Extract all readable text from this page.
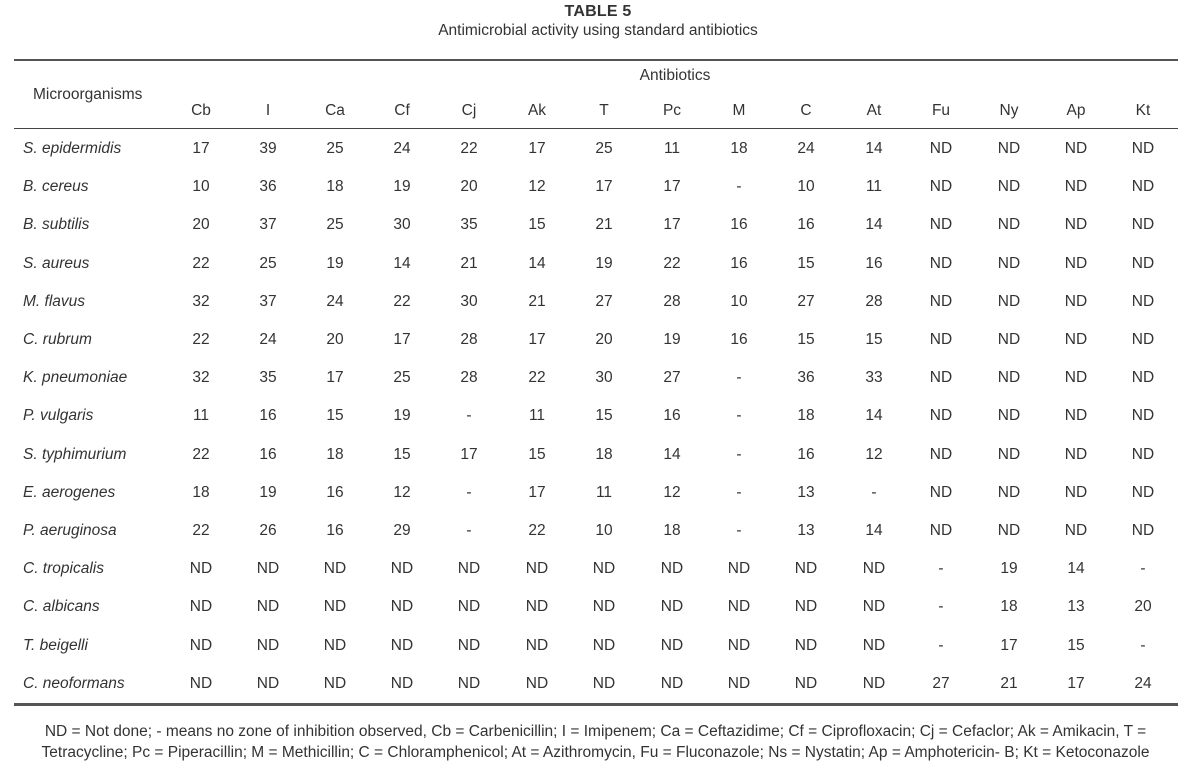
TABLE 5
Antimicrobial activity using standard antibiotics
Antibiotics
Microorganisms
Cb	I	Ca	Cf	Cj	Ak	T	Pc	M	C	At	Fu	Ny	Ap	Kt
S. epidermidis	17	39	25	24	22	17	25	11	18	24	14	ND	ND	ND	ND
B. cereus	10	36	18	19	20	12	17	17	-	10	11	ND	ND	ND	ND
B. subtilis	20	37	25	30	35	15	21	17	16	16	14	ND	ND	ND	ND
S. aureus	22	25	19	14	21	14	19	22	16	15	16	ND	ND	ND	ND
M. flavus	32	37	24	22	30	21	27	28	10	27	28	ND	ND	ND	ND
C. rubrum	22	24	20	17	28	17	20	19	16	15	15	ND	ND	ND	ND
K. pneumoniae	32	35	17	25	28	22	30	27	-	36	33	ND	ND	ND	ND
P. vulgaris	11	16	15	19	-	11	15	16	-	18	14	ND	ND	ND	ND
S. typhimurium	22	16	18	15	17	15	18	14	-	16	12	ND	ND	ND	ND
E. aerogenes	18	19	16	12	-	17	11	12	-	13	-	ND	ND	ND	ND
P. aeruginosa	22	26	16	29	-	22	10	18	-	13	14	ND	ND	ND	ND
C. tropicalis	ND	ND	ND	ND	ND	ND	ND	ND	ND	ND	ND	-	19	14	-
C. albicans	ND	ND	ND	ND	ND	ND	ND	ND	ND	ND	ND	-	18	13	20
T. beigelli	ND	ND	ND	ND	ND	ND	ND	ND	ND	ND	ND	-	17	15	-
C. neoformans	ND	ND	ND	ND	ND	ND	ND	ND	ND	ND	ND	27	21	17	24
ND = Not done; - means no zone of inhibition observed, Cb = Carbenicillin; I = Imipenem; Ca = Ceftazidime; Cf = Ciprofloxacin; Cj = Cefaclor; Ak = Amikacin, T =
Tetracycline; Pc = Piperacillin; M = Methicillin; C = Chloramphenicol; At = Azithromycin, Fu = Fluconazole; Ns = Nystatin; Ap = Amphotericin- B; Kt = Ketoconazole
